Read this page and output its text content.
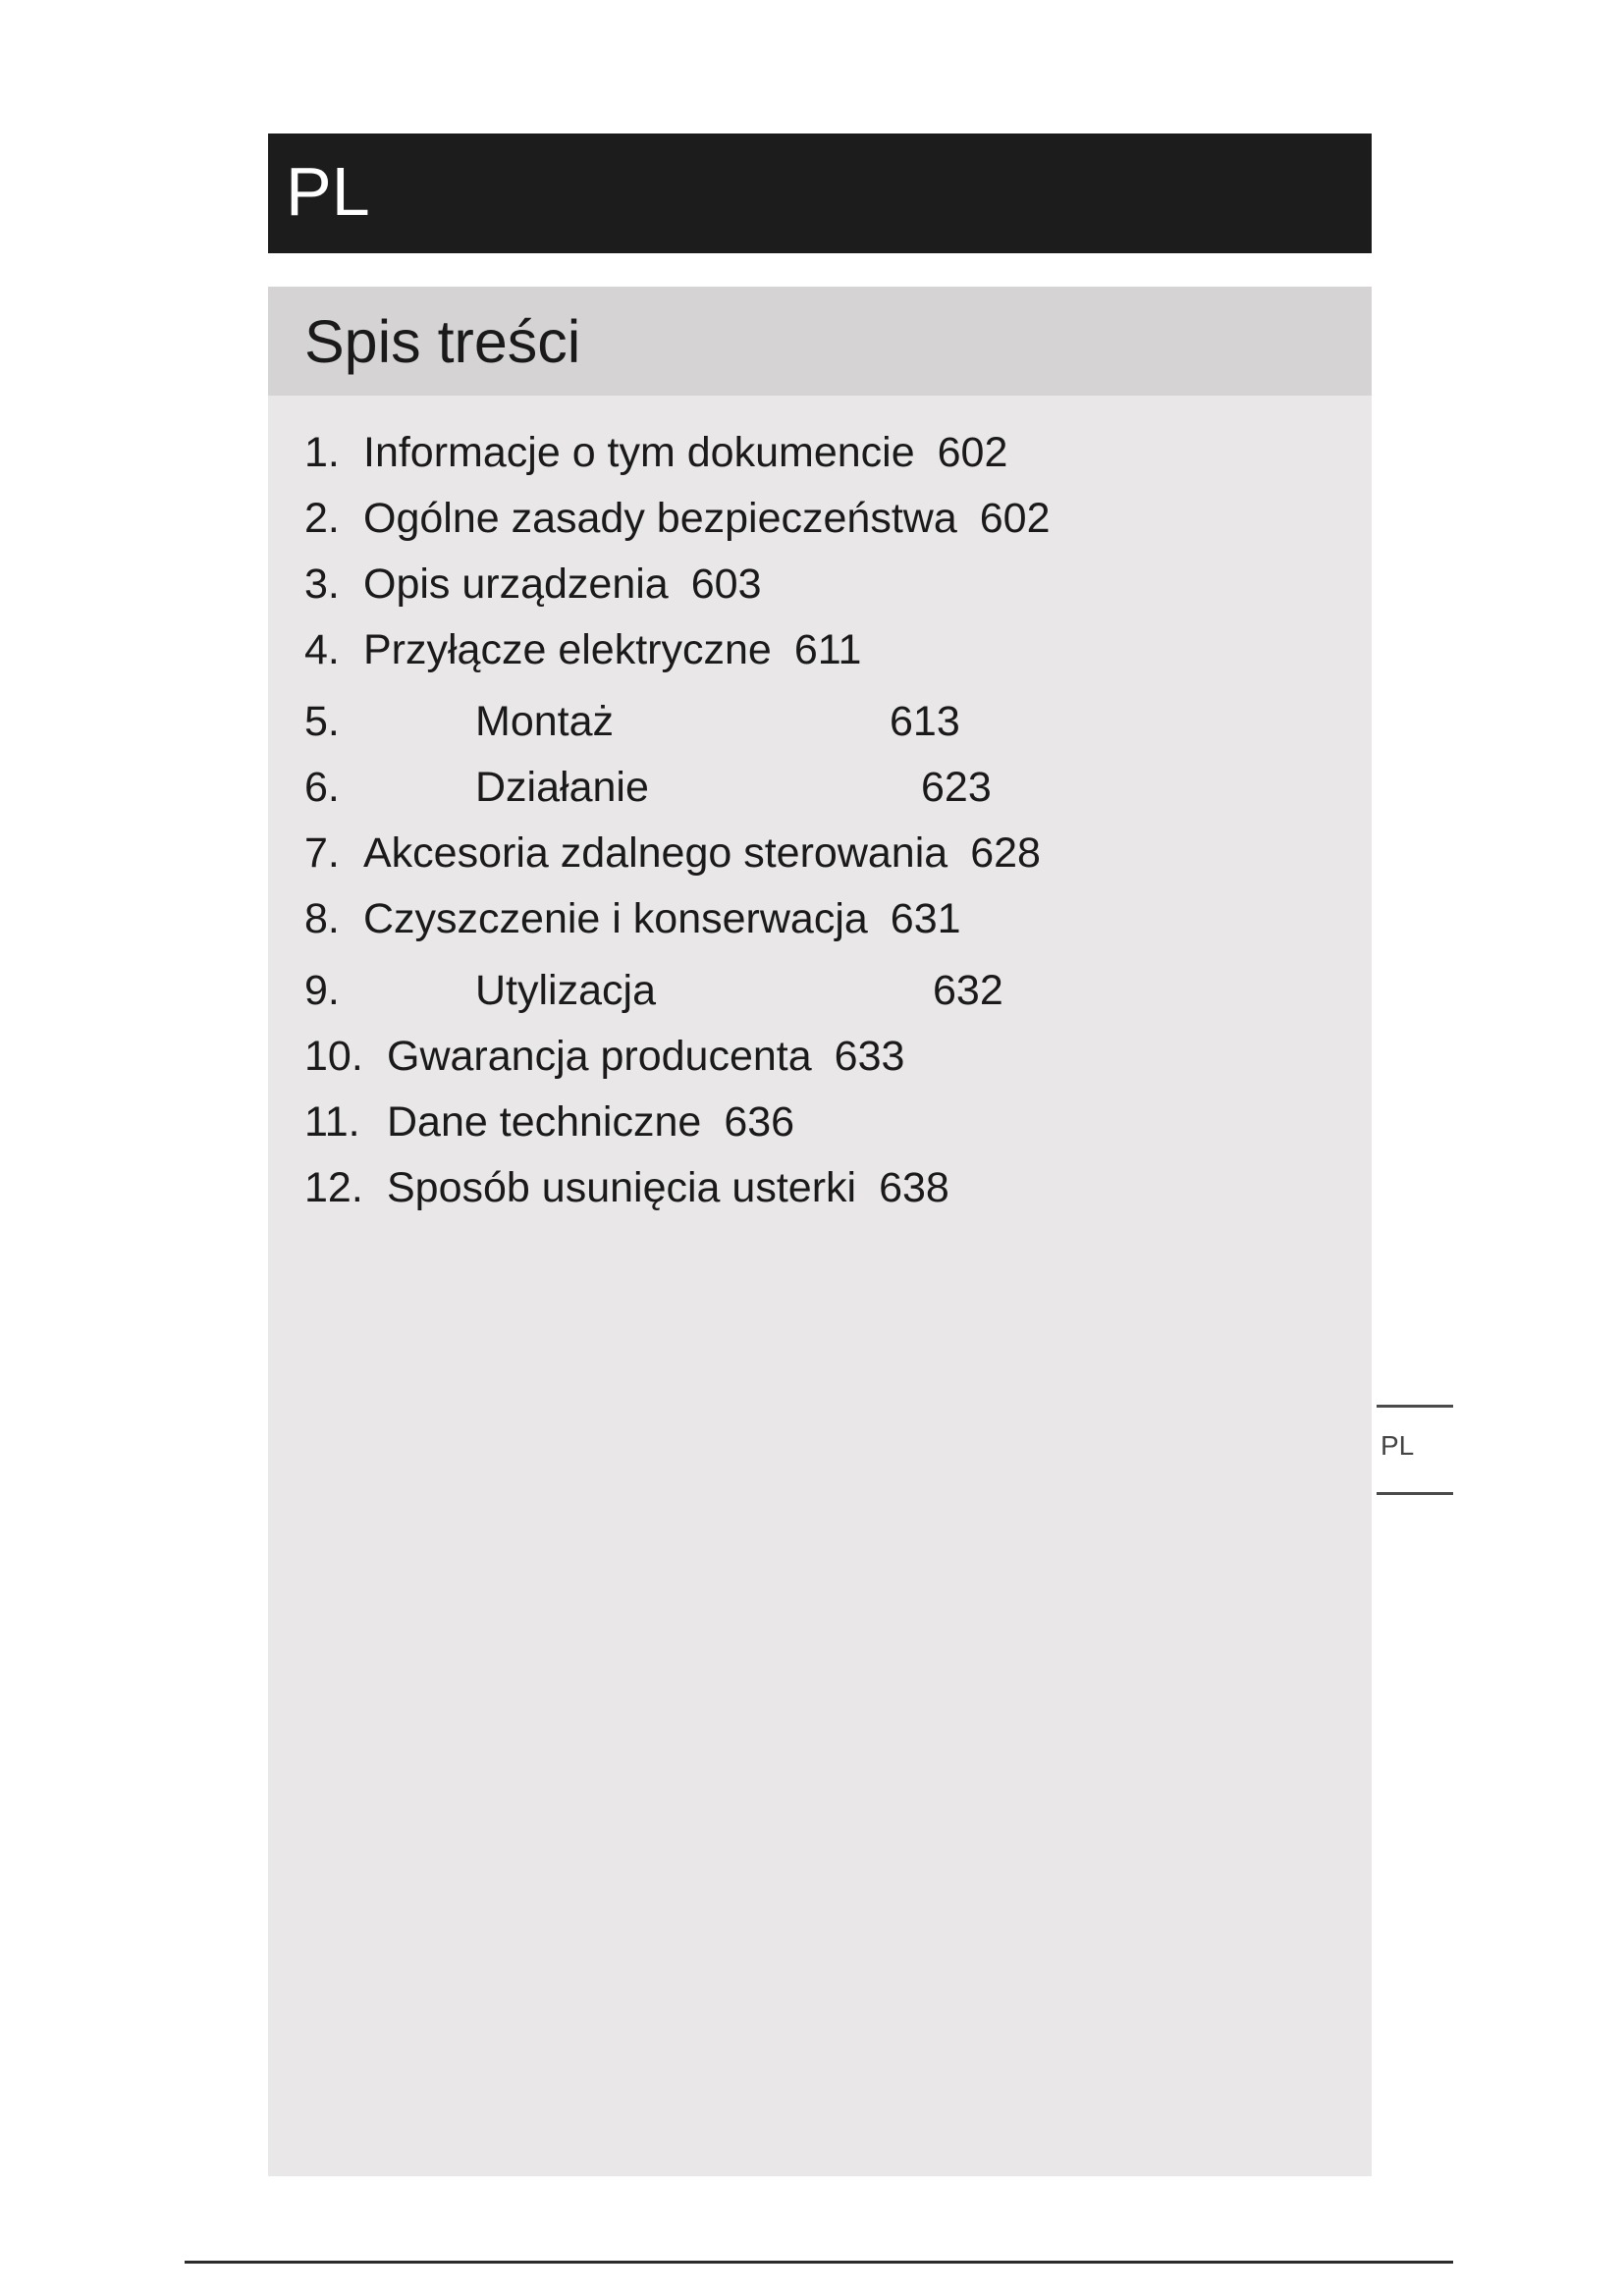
PL
Spis treści
1. Informacje o tym dokumencie 602
2. Ogólne zasady bezpieczeństwa 602
3. Opis urządzenia 603
4. Przyłącze elektryczne 611
5.	Montaż	613
6.	Działanie	623
7. Akcesoria zdalnego sterowania 628
8. Czyszczenie i konserwacja 631
9.	Utylizacja	632
10. Gwarancja producenta 633
11. Dane techniczne 636
12. Sposób usunięcia usterki 638
PL
